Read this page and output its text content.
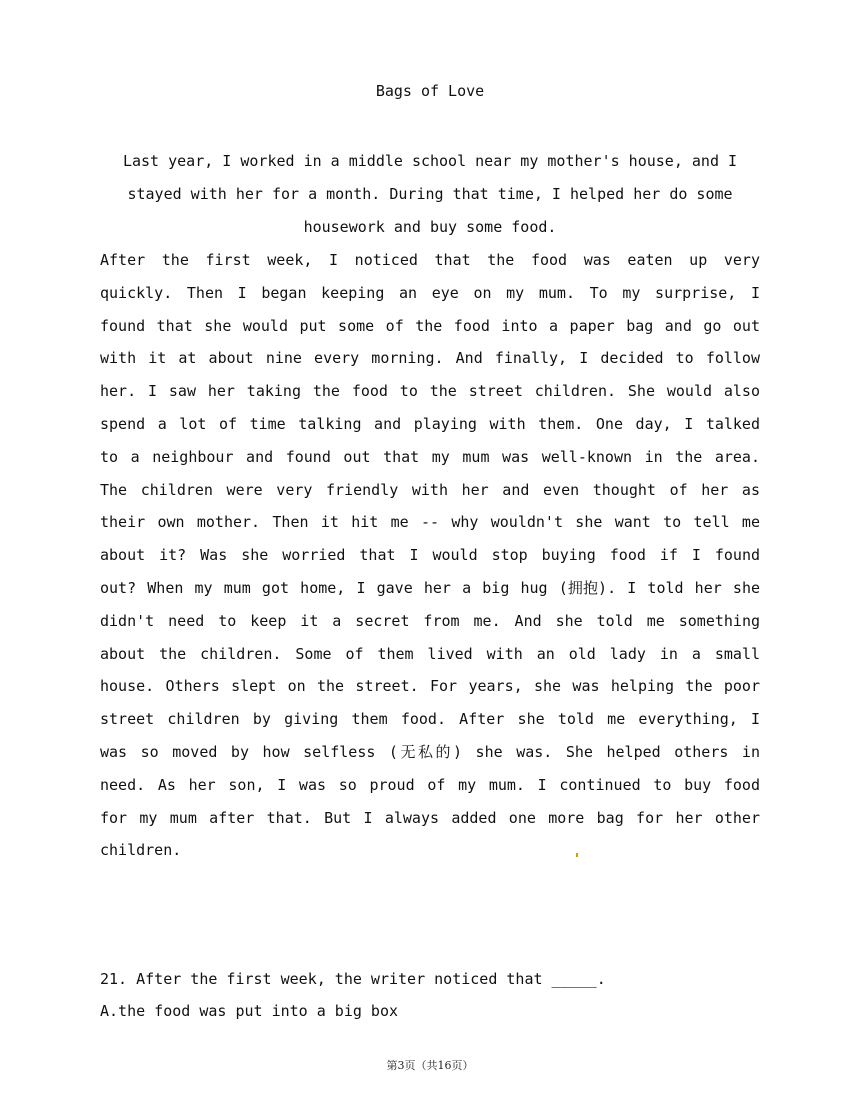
Bags of Love

Last year, I worked in a middle school near my mother's house, and I stayed with her for a month. During that time, I helped her do some housework and buy some food.

After the first week, I noticed that the food was eaten up very quickly. Then I began keeping an eye on my mum. To my surprise, I found that she would put some of the food into a paper bag and go out with it at about nine every morning. And finally, I decided to follow her. I saw her taking the food to the street children. She would also spend a lot of time talking and playing with them. One day, I talked to a neighbour and found out that my mum was well-known in the area. The children were very friendly with her and even thought of her as their own mother. Then it hit me -- why wouldn't she want to tell me about it? Was she worried that I would stop buying food if I found out? When my mum got home, I gave her a big hug (拥抱). I told her she didn't need to keep it a secret from me. And she told me something about the children. Some of them lived with an old lady in a small house. Others slept on the street. For years, she was helping the poor street children by giving them food. After she told me everything, I was so moved by how selfless (无私的) she was. She helped others in need. As her son, I was so proud of my mum. I continued to buy food for my mum after that. But I always added one more bag for her other children.

21. After the first week, the writer noticed that _____.

A.the food was put into a big box

第3页（共16页）
